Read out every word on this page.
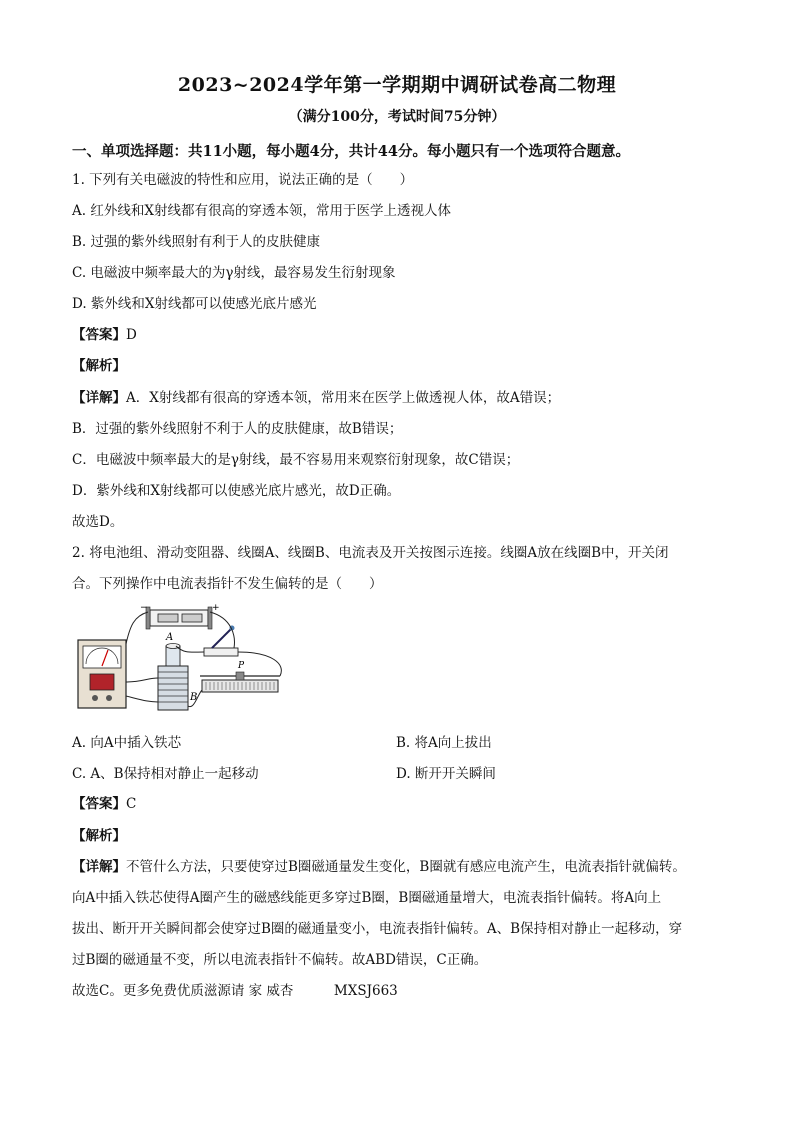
2023~2024学年第一学期期中调研试卷高二物理
（满分100分，考试时间75分钟）
一、单项选择题：共11小题，每小题4分，共计44分。每小题只有一个选项符合题意。
1. 下列有关电磁波的特性和应用，说法正确的是（　　）
A. 红外线和X射线都有很高的穿透本领，常用于医学上透视人体
B. 过强的紫外线照射有利于人的皮肤健康
C. 电磁波中频率最大的为γ射线，最容易发生衍射现象
D. 紫外线和X射线都可以使感光底片感光
【答案】D
【解析】
【详解】A．X射线都有很高的穿透本领，常用来在医学上做透视人体，故A错误；
B．过强的紫外线照射不利于人的皮肤健康，故B错误；
C．电磁波中频率最大的是γ射线，最不容易用来观察衍射现象，故C错误；
D．紫外线和X射线都可以使感光底片感光，故D正确。
故选D。
2. 将电池组、滑动变阻器、线圈A、线圈B、电流表及开关按图示连接。线圈A放在线圈B中，开关闭
合。下列操作中电流表指针不发生偏转的是（　　）
−	+
A
B
P
A. 向A中插入铁芯	B. 将A向上拔出
C. A、B保持相对静止一起移动	D. 断开开关瞬间
【答案】C
【解析】
【详解】不管什么方法，只要使穿过B圈磁通量发生变化，B圈就有感应电流产生，电流表指针就偏转。
向A中插入铁芯使得A圈产生的磁感线能更多穿过B圈，B圈磁通量增大，电流表指针偏转。将A向上
拔出、断开开关瞬间都会使穿过B圈的磁通量变小，电流表指针偏转。A、B保持相对静止一起移动，穿
过B圈的磁通量不变，所以电流表指针不偏转。故ABD错误，C正确。
故选C。更多免费优质滋源请 家 威杏　　　MXSJ663
